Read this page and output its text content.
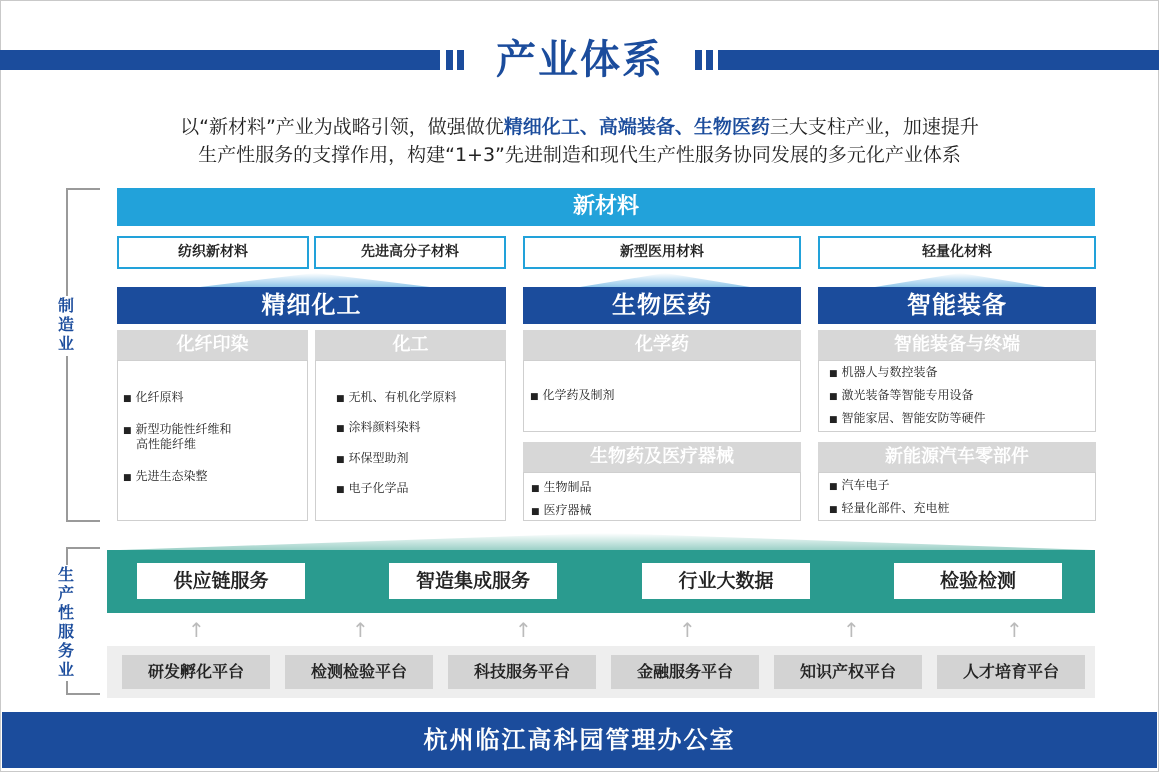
产业体系
以“新材料”产业为战略引领，做强做优精细化工、高端装备、生物医药三大支柱产业，加速提升
生产性服务的支撑作用，构建“1+3”先进制造和现代生产性服务协同发展的多元化产业体系
制造业
生产性服务业
新材料
纺织新材料	先进高分子材料	新型医用材料	轻量化材料
精细化工	生物医药	智能装备
化纤印染
■ 化纤原料
■ 新型功能性纤维和
高性能纤维
■ 先进生态染整
化工
■ 无机、有机化学原料
■ 涂料颜料染料
■ 环保型助剂
■ 电子化学品
化学药
■ 化学药及制剂
生物药及医疗器械
■ 生物制品
■ 医疗器械
智能装备与终端
■ 机器人与数控装备
■ 激光装备等智能专用设备
■ 智能家居、智能安防等硬件
新能源汽车零部件
■ 汽车电子
■ 轻量化部件、充电桩
供应链服务	智造集成服务	行业大数据	检验检测
↑	↑	↑	↑	↑	↑
研发孵化平台	检测检验平台	科技服务平台	金融服务平台	知识产权平台	人才培育平台
杭州临江高科园管理办公室
